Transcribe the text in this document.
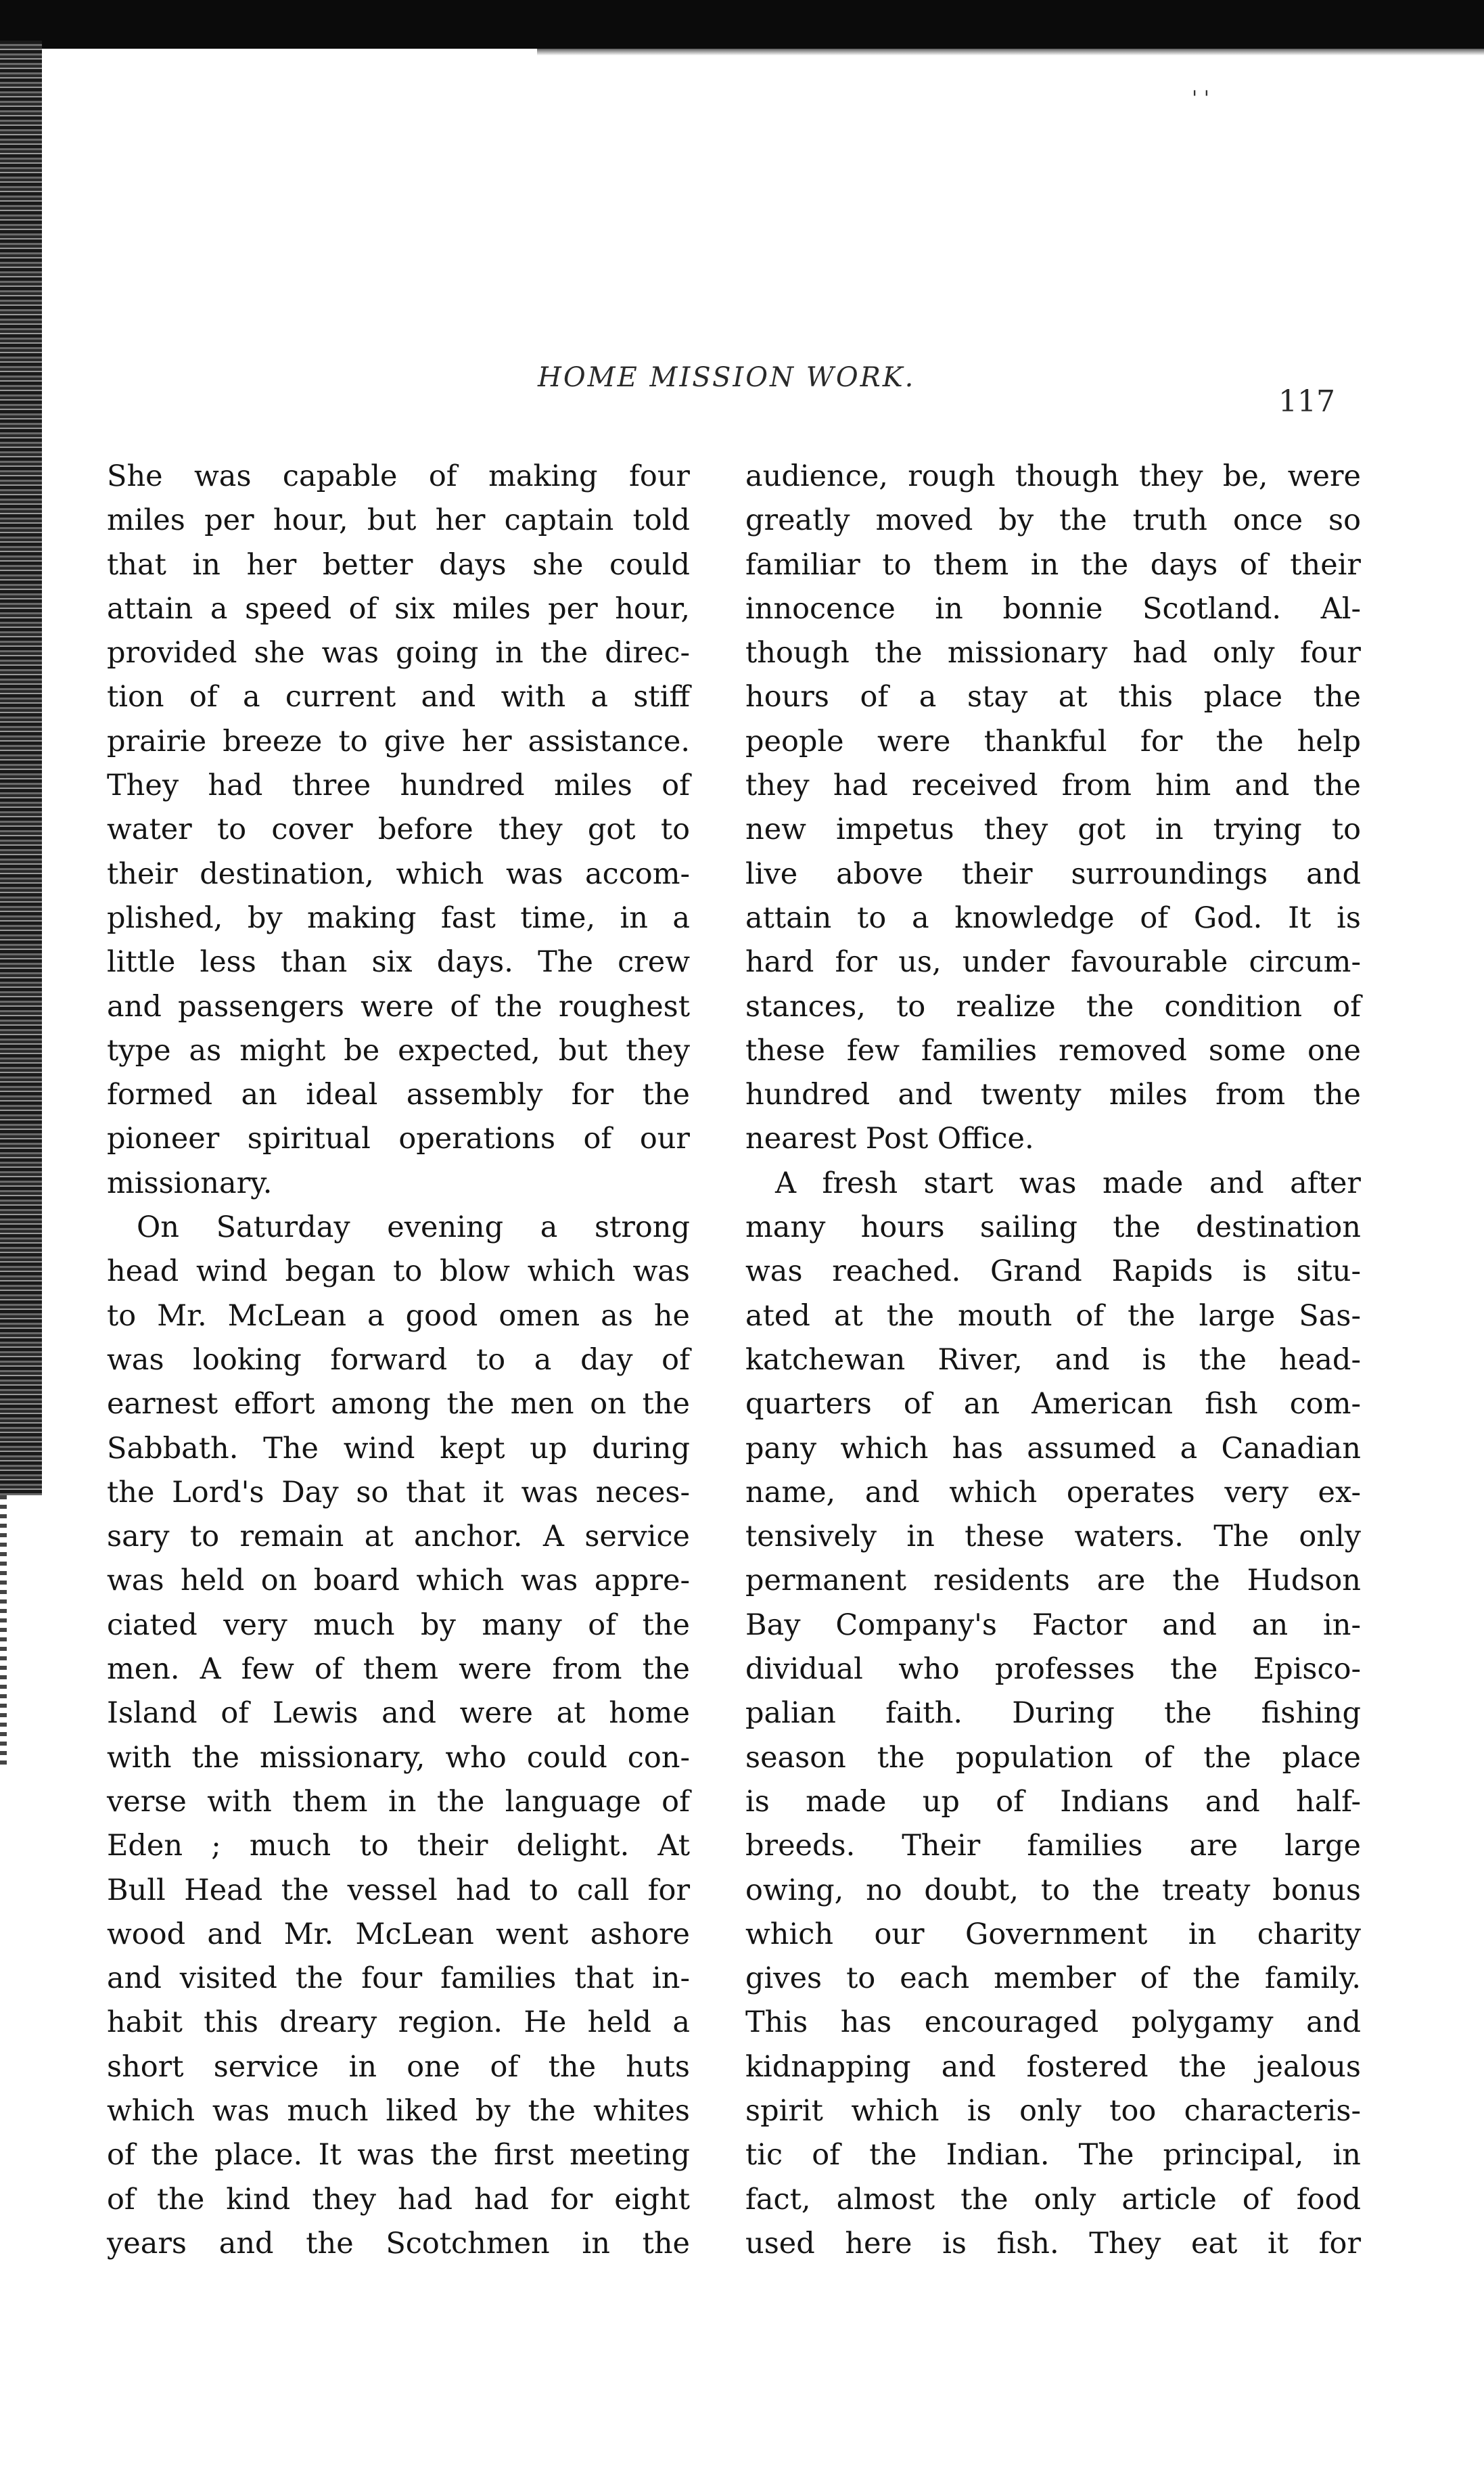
' '
HOME MISSION WORK.
117
She was capable of making four
miles per hour, but her captain told
that in her better days she could
attain a speed of six miles per hour,
provided she was going in the direc-
tion of a current and with a stiff
prairie breeze to give her assistance.
They had three hundred miles of
water to cover before they got to
their destination, which was accom-
plished, by making fast time, in a
little less than six days. The crew
and passengers were of the roughest
type as might be expected, but they
formed an ideal assembly for the
pioneer spiritual operations of our
missionary.
On Saturday evening a strong
head wind began to blow which was
to Mr. McLean a good omen as he
was looking forward to a day of
earnest effort among the men on the
Sabbath. The wind kept up during
the Lord's Day so that it was neces-
sary to remain at anchor. A service
was held on board which was appre-
ciated very much by many of the
men. A few of them were from the
Island of Lewis and were at home
with the missionary, who could con-
verse with them in the language of
Eden ; much to their delight. At
Bull Head the vessel had to call for
wood and Mr. McLean went ashore
and visited the four families that in-
habit this dreary region. He held a
short service in one of the huts
which was much liked by the whites
of the place. It was the first meeting
of the kind they had had for eight
years and the Scotchmen in the
audience, rough though they be, were
greatly moved by the truth once so
familiar to them in the days of their
innocence in bonnie Scotland. Al-
though the missionary had only four
hours of a stay at this place the
people were thankful for the help
they had received from him and the
new impetus they got in trying to
live above their surroundings and
attain to a knowledge of God. It is
hard for us, under favourable circum-
stances, to realize the condition of
these few families removed some one
hundred and twenty miles from the
nearest Post Office.
A fresh start was made and after
many hours sailing the destination
was reached. Grand Rapids is situ-
ated at the mouth of the large Sas-
katchewan River, and is the head-
quarters of an American fish com-
pany which has assumed a Canadian
name, and which operates very ex-
tensively in these waters. The only
permanent residents are the Hudson
Bay Company's Factor and an in-
dividual who professes the Episco-
palian faith. During the fishing
season the population of the place
is made up of Indians and half-
breeds. Their families are large
owing, no doubt, to the treaty bonus
which our Government in charity
gives to each member of the family.
This has encouraged polygamy and
kidnapping and fostered the jealous
spirit which is only too characteris-
tic of the Indian. The principal, in
fact, almost the only article of food
used here is fish. They eat it for
